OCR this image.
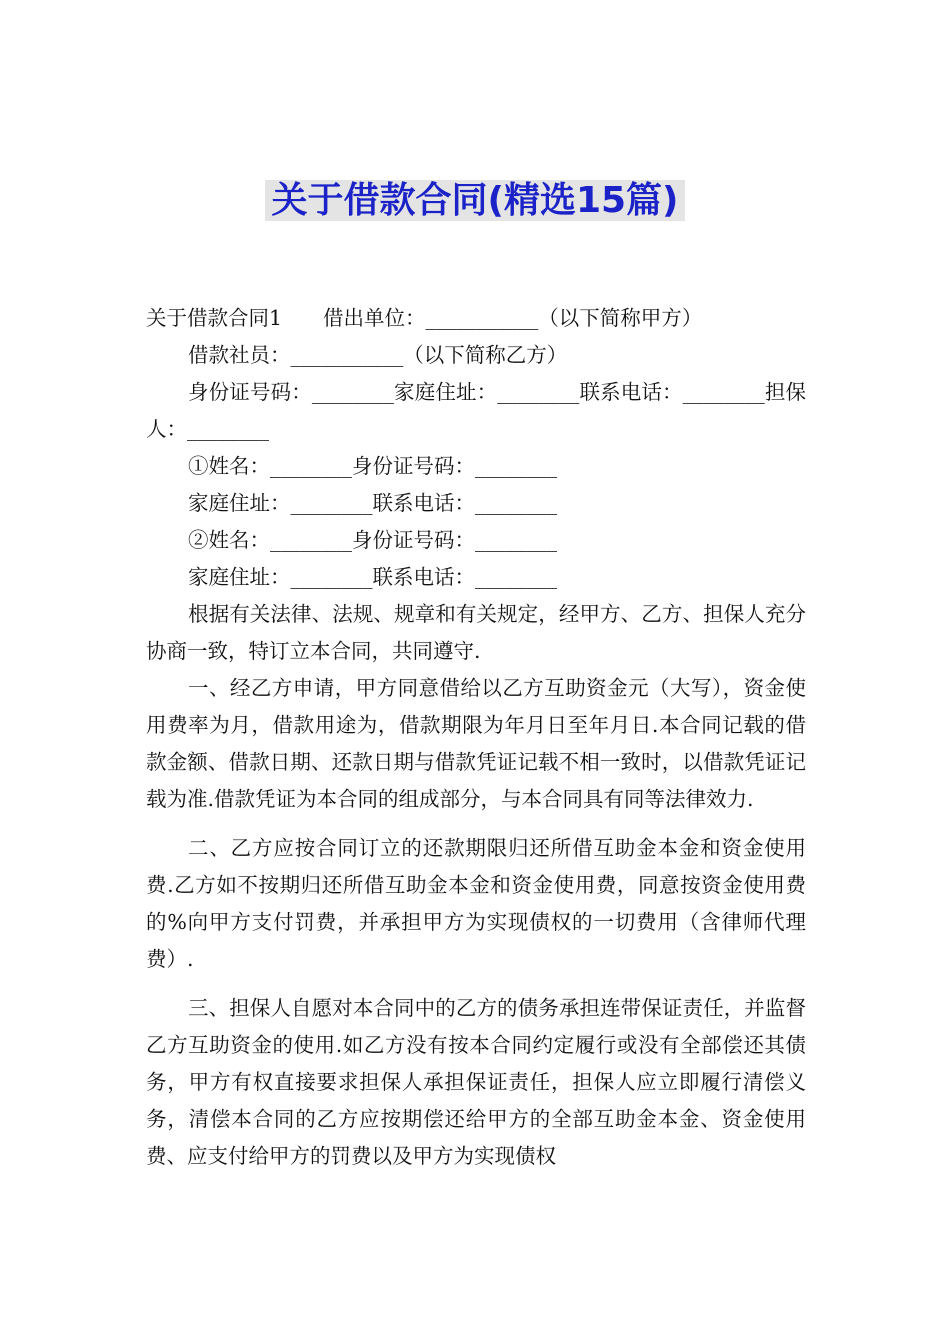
关于借款合同(精选15篇)

关于借款合同1　　借出单位：___________（以下简称甲方）

借款社员：___________（以下简称乙方）

身份证号码：________家庭住址：________联系电话：________担保人：________

①姓名：________身份证号码：________

家庭住址：________联系电话：________

②姓名：________身份证号码：________

家庭住址：________联系电话：________

根据有关法律、法规、规章和有关规定，经甲方、乙方、担保人充分协商一致，特订立本合同，共同遵守.

一、经乙方申请，甲方同意借给以乙方互助资金元（大写），资金使用费率为月，借款用途为，借款期限为年月日至年月日.本合同记载的借款金额、借款日期、还款日期与借款凭证记载不相一致时，以借款凭证记载为准.借款凭证为本合同的组成部分，与本合同具有同等法律效力.

二、乙方应按合同订立的还款期限归还所借互助金本金和资金使用费.乙方如不按期归还所借互助金本金和资金使用费，同意按资金使用费的%向甲方支付罚费，并承担甲方为实现债权的一切费用（含律师代理费）.

三、担保人自愿对本合同中的乙方的债务承担连带保证责任，并监督乙方互助资金的使用.如乙方没有按本合同约定履行或没有全部偿还其债务，甲方有权直接要求担保人承担保证责任，担保人应立即履行清偿义务，清偿本合同的乙方应按期偿还给甲方的全部互助金本金、资金使用费、应支付给甲方的罚费以及甲方为实现债权
